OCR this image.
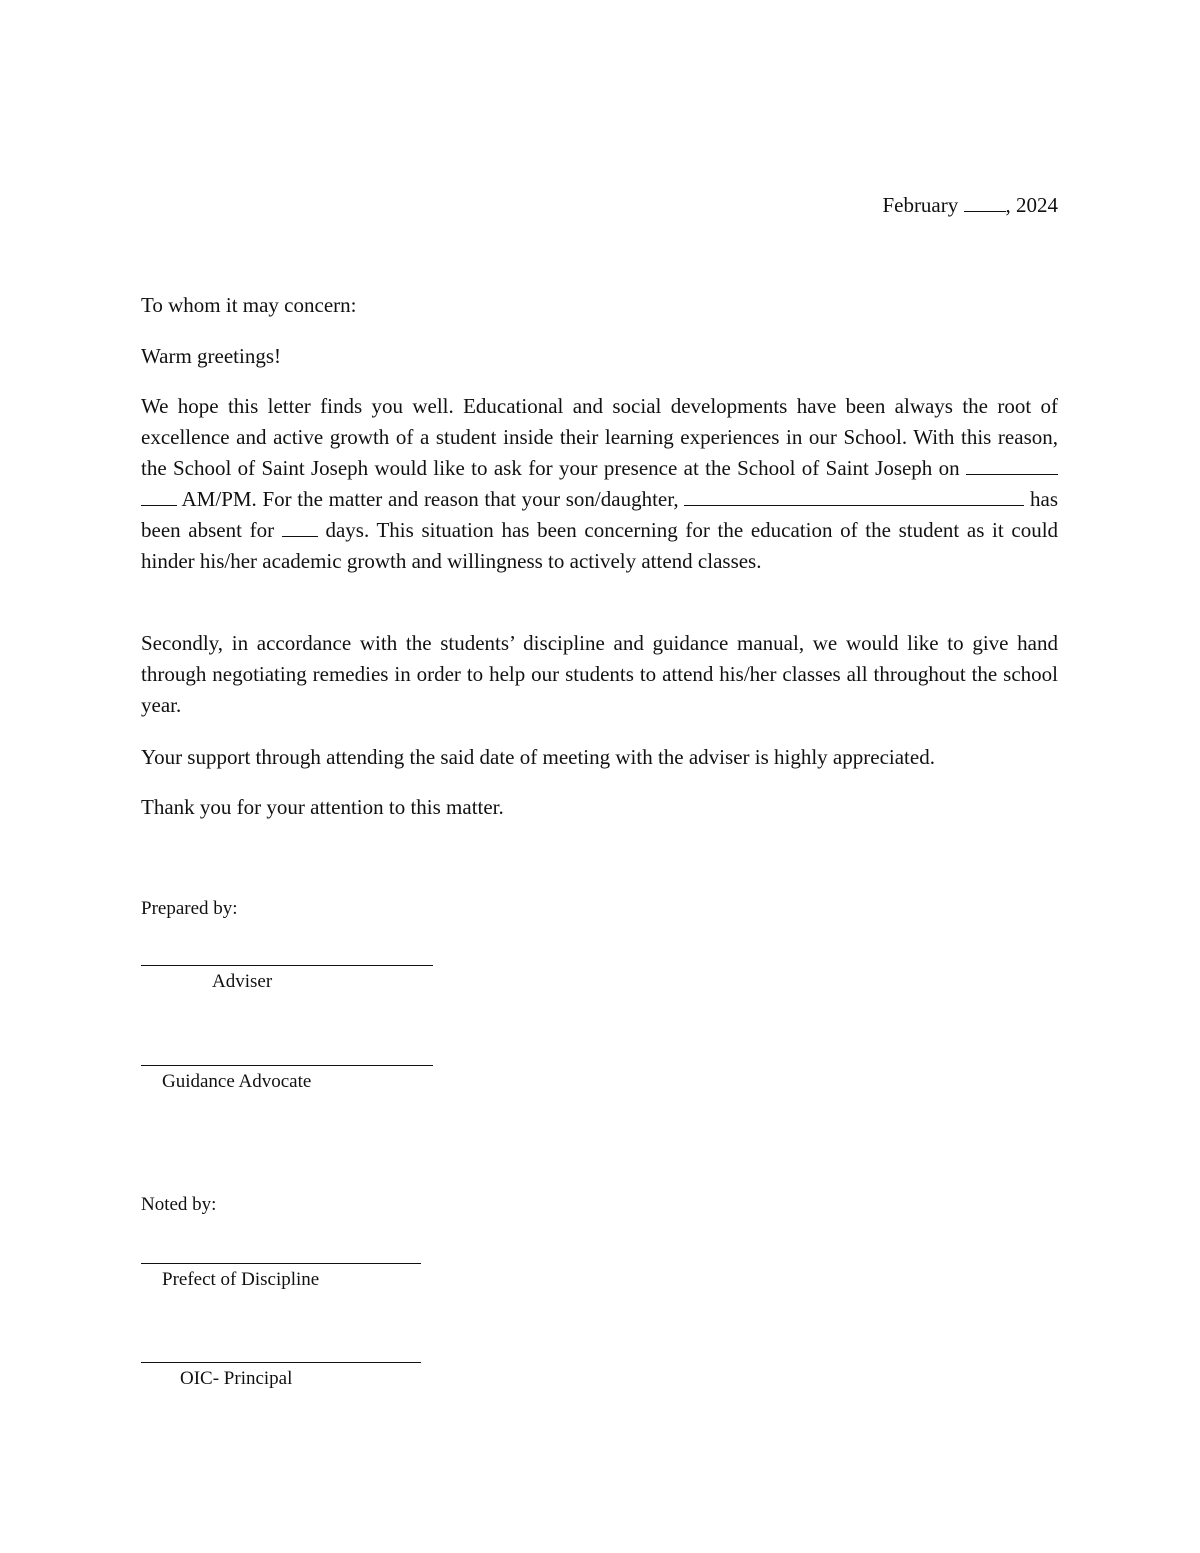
February , 2024
To whom it may concern:
Warm greetings!

We hope this letter finds you well. Educational and social developments have been always the root of excellence and active growth of a student inside their learning experiences in our School. With this reason, the School of Saint Joseph would like to ask for your presence at the School of Saint Joseph on   AM/PM. For the matter and reason that your son/daughter,	has been absent for days. This situation has been concerning for the education of the student as it could hinder his/her academic growth and willingness to actively attend classes.

Secondly, in accordance with the students’ discipline and guidance manual, we would like to give hand through negotiating remedies in order to help our students to attend his/her classes all throughout the school year.

Your support through attending the said date of meeting with the adviser is highly appreciated.

Thank you for your attention to this matter.

Prepared by:
Adviser
Guidance Advocate
Noted by:
Prefect of Discipline
OIC- Principal
